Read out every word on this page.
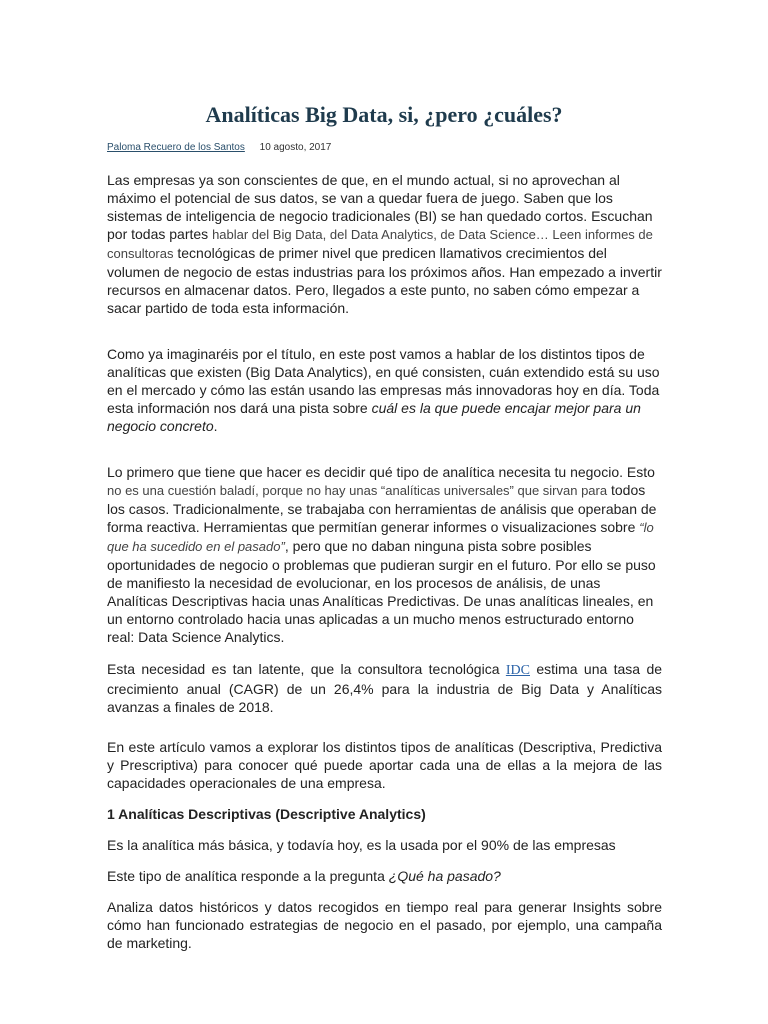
Analíticas Big Data, si, ¿pero ¿cuáles?
Paloma Recuero de los Santos 10 agosto, 2017

Las empresas ya son conscientes de que, en el mundo actual, si no aprovechan al máximo el potencial de sus datos, se van a quedar fuera de juego. Saben que los sistemas de inteligencia de negocio tradicionales (BI) se han quedado cortos. Escuchan por todas partes hablar del Big Data, del Data Analytics, de Data Science… Leen informes de consultoras tecnológicas de primer nivel que predicen llamativos crecimientos del volumen de negocio de estas industrias para los próximos años. Han empezado a invertir recursos en almacenar datos. Pero, llegados a este punto, no saben cómo empezar a sacar partido de toda esta información.

Como ya imaginaréis por el título, en este post vamos a hablar de los distintos tipos de analíticas que existen (Big Data Analytics), en qué consisten, cuán extendido está su uso en el mercado y cómo las están usando las empresas más innovadoras hoy en día. Toda esta información nos dará una pista sobre cuál es la que puede encajar mejor para un negocio concreto.

Lo primero que tiene que hacer es decidir qué tipo de analítica necesita tu negocio. Esto no es una cuestión baladí, porque no hay unas “analíticas universales” que sirvan para todos los casos. Tradicionalmente, se trabajaba con herramientas de análisis que operaban de forma reactiva. Herramientas que permitían generar informes o visualizaciones sobre “lo que ha sucedido en el pasado”, pero que no daban ninguna pista sobre posibles oportunidades de negocio o problemas que pudieran surgir en el futuro. Por ello se puso de manifiesto la necesidad de evolucionar, en los procesos de análisis, de unas Analíticas Descriptivas hacia unas Analíticas Predictivas. De unas analíticas lineales, en un entorno controlado hacia unas aplicadas a un mucho menos estructurado entorno real: Data Science Analytics.

Esta necesidad es tan latente, que la consultora tecnológica IDC estima una tasa de crecimiento anual (CAGR) de un 26,4% para la industria de Big Data y Analíticas avanzas a finales de 2018.

En este artículo vamos a explorar los distintos tipos de analíticas (Descriptiva, Predictiva y Prescriptiva) para conocer qué puede aportar cada una de ellas a la mejora de las capacidades operacionales de una empresa.

1 Analíticas Descriptivas (Descriptive Analytics)

Es la analítica más básica, y todavía hoy, es la usada por el 90% de las empresas

Este tipo de analítica responde a la pregunta ¿Qué ha pasado?

Analiza datos históricos y datos recogidos en tiempo real para generar Insights sobre cómo han funcionado estrategias de negocio en el pasado, por ejemplo, una campaña de marketing.
